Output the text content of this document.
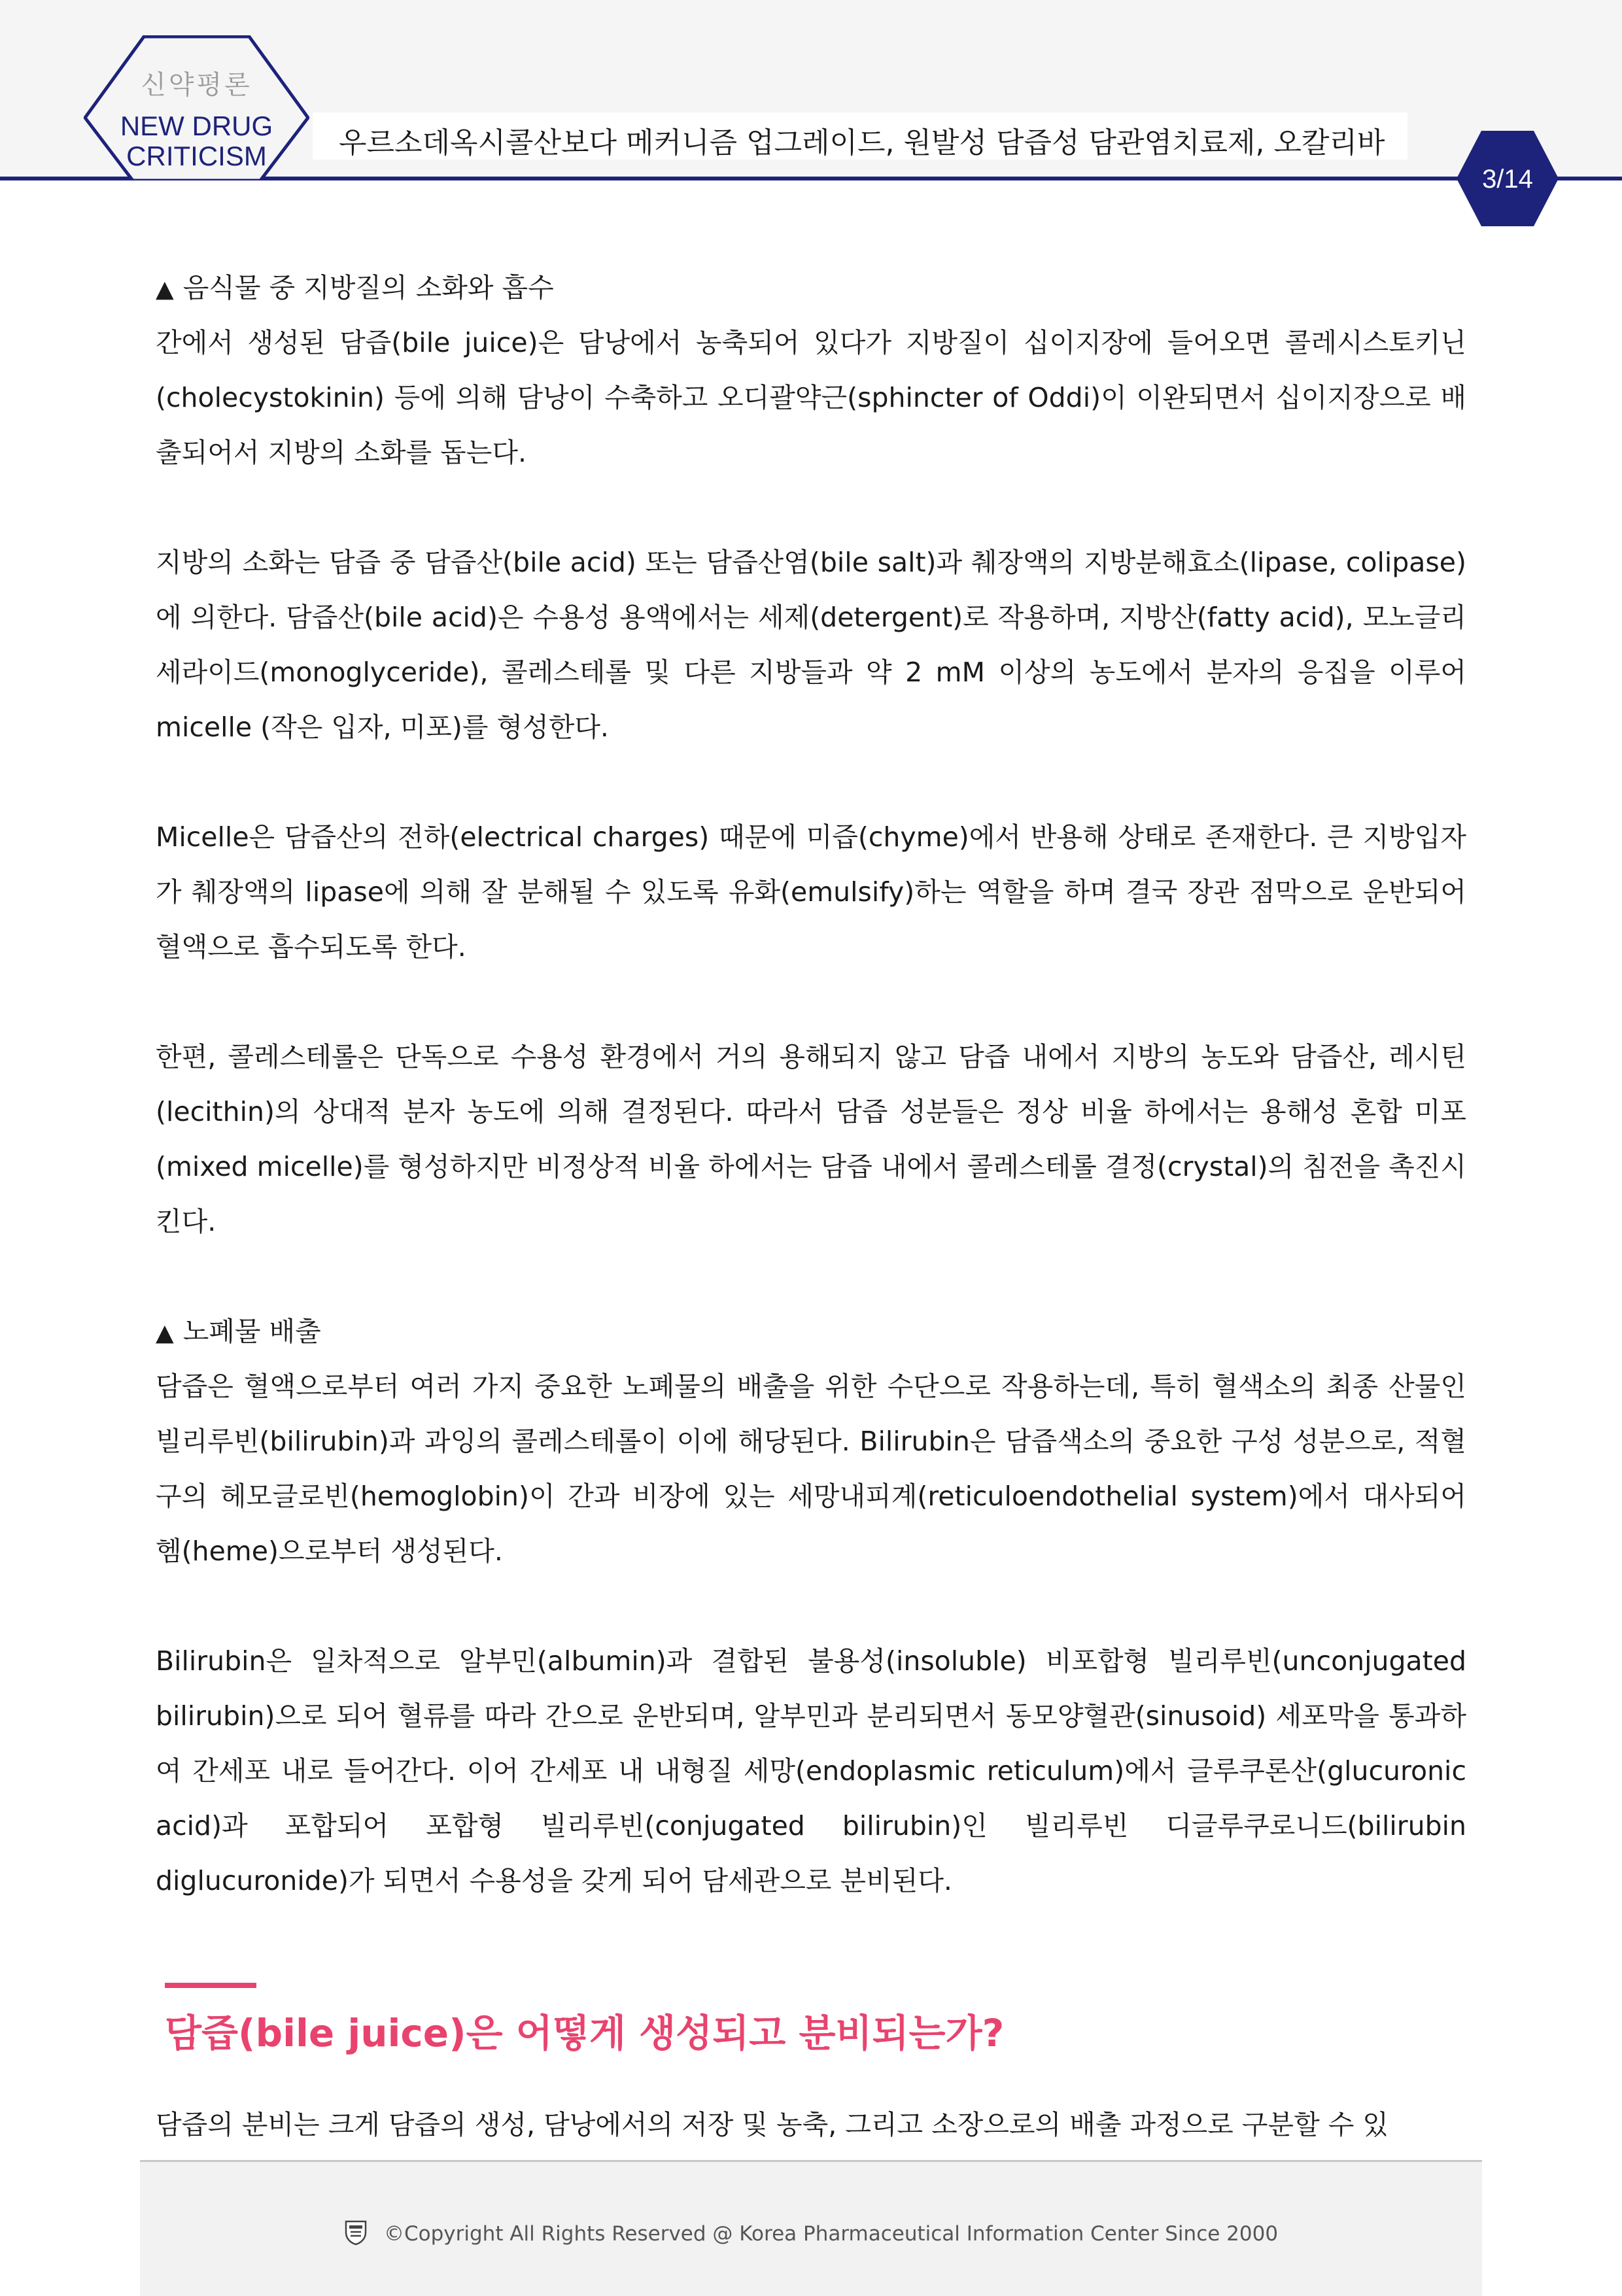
신약평론
NEW DRUG
CRITICISM	우르소데옥시콜산보다 메커니즘 업그레이드, 원발성 담즙성 담관염치료제, 오칼리바
3/14
▲ 음식물 중 지방질의 소화와 흡수

간에서 생성된 담즙(bile juice)은 담낭에서 농축되어 있다가 지방질이 십이지장에 들어오면 콜레시스토키닌(cholecystokinin) 등에 의해 담낭이 수축하고 오디괄약근(sphincter of Oddi)이 이완되면서 십이지장으로 배출되어서 지방의 소화를 돕는다.

지방의 소화는 담즙 중 담즙산(bile acid) 또는 담즙산염(bile salt)과 췌장액의 지방분해효소(lipase, colipase)에 의한다. 담즙산(bile acid)은 수용성 용액에서는 세제(detergent)로 작용하며, 지방산(fatty acid), 모노글리세라이드(monoglyceride), 콜레스테롤 및 다른 지방들과 약 2 mM 이상의 농도에서 분자의 응집을 이루어 micelle (작은 입자, 미포)를 형성한다.

Micelle은 담즙산의 전하(electrical charges) 때문에 미즙(chyme)에서 반용해 상태로 존재한다. 큰 지방입자가 췌장액의 lipase에 의해 잘 분해될 수 있도록 유화(emulsify)하는 역할을 하며 결국 장관 점막으로 운반되어 혈액으로 흡수되도록 한다.

한편, 콜레스테롤은 단독으로 수용성 환경에서 거의 용해되지 않고 담즙 내에서 지방의 농도와 담즙산, 레시틴(lecithin)의 상대적 분자 농도에 의해 결정된다. 따라서 담즙 성분들은 정상 비율 하에서는 용해성 혼합 미포(mixed micelle)를 형성하지만 비정상적 비율 하에서는 담즙 내에서 콜레스테롤 결정(crystal)의 침전을 촉진시킨다.

▲ 노폐물 배출

담즙은 혈액으로부터 여러 가지 중요한 노폐물의 배출을 위한 수단으로 작용하는데, 특히 혈색소의 최종 산물인 빌리루빈(bilirubin)과 과잉의 콜레스테롤이 이에 해당된다. Bilirubin은 담즙색소의 중요한 구성 성분으로, 적혈구의 헤모글로빈(hemoglobin)이 간과 비장에 있는 세망내피계(reticuloendothelial system)에서 대사되어 헴(heme)으로부터 생성된다.

Bilirubin은 일차적으로 알부민(albumin)과 결합된 불용성(insoluble) 비포합형 빌리루빈(unconjugated bilirubin)으로 되어 혈류를 따라 간으로 운반되며, 알부민과 분리되면서 동모양혈관(sinusoid) 세포막을 통과하여 간세포 내로 들어간다. 이어 간세포 내 내형질 세망(endoplasmic reticulum)에서 글루쿠론산(glucuronic acid)과 포합되어 포합형 빌리루빈(conjugated bilirubin)인 빌리루빈 디글루쿠로니드(bilirubin diglucuronide)가 되면서 수용성을 갖게 되어 담세관으로 분비된다.

담즙(bile juice)은 어떻게 생성되고 분비되는가?
담즙의 분비는 크게 담즙의 생성, 담낭에서의 저장 및 농축, 그리고 소장으로의 배출 과정으로 구분할 수 있
©Copyright All Rights Reserved @ Korea Pharmaceutical Information Center Since 2000
